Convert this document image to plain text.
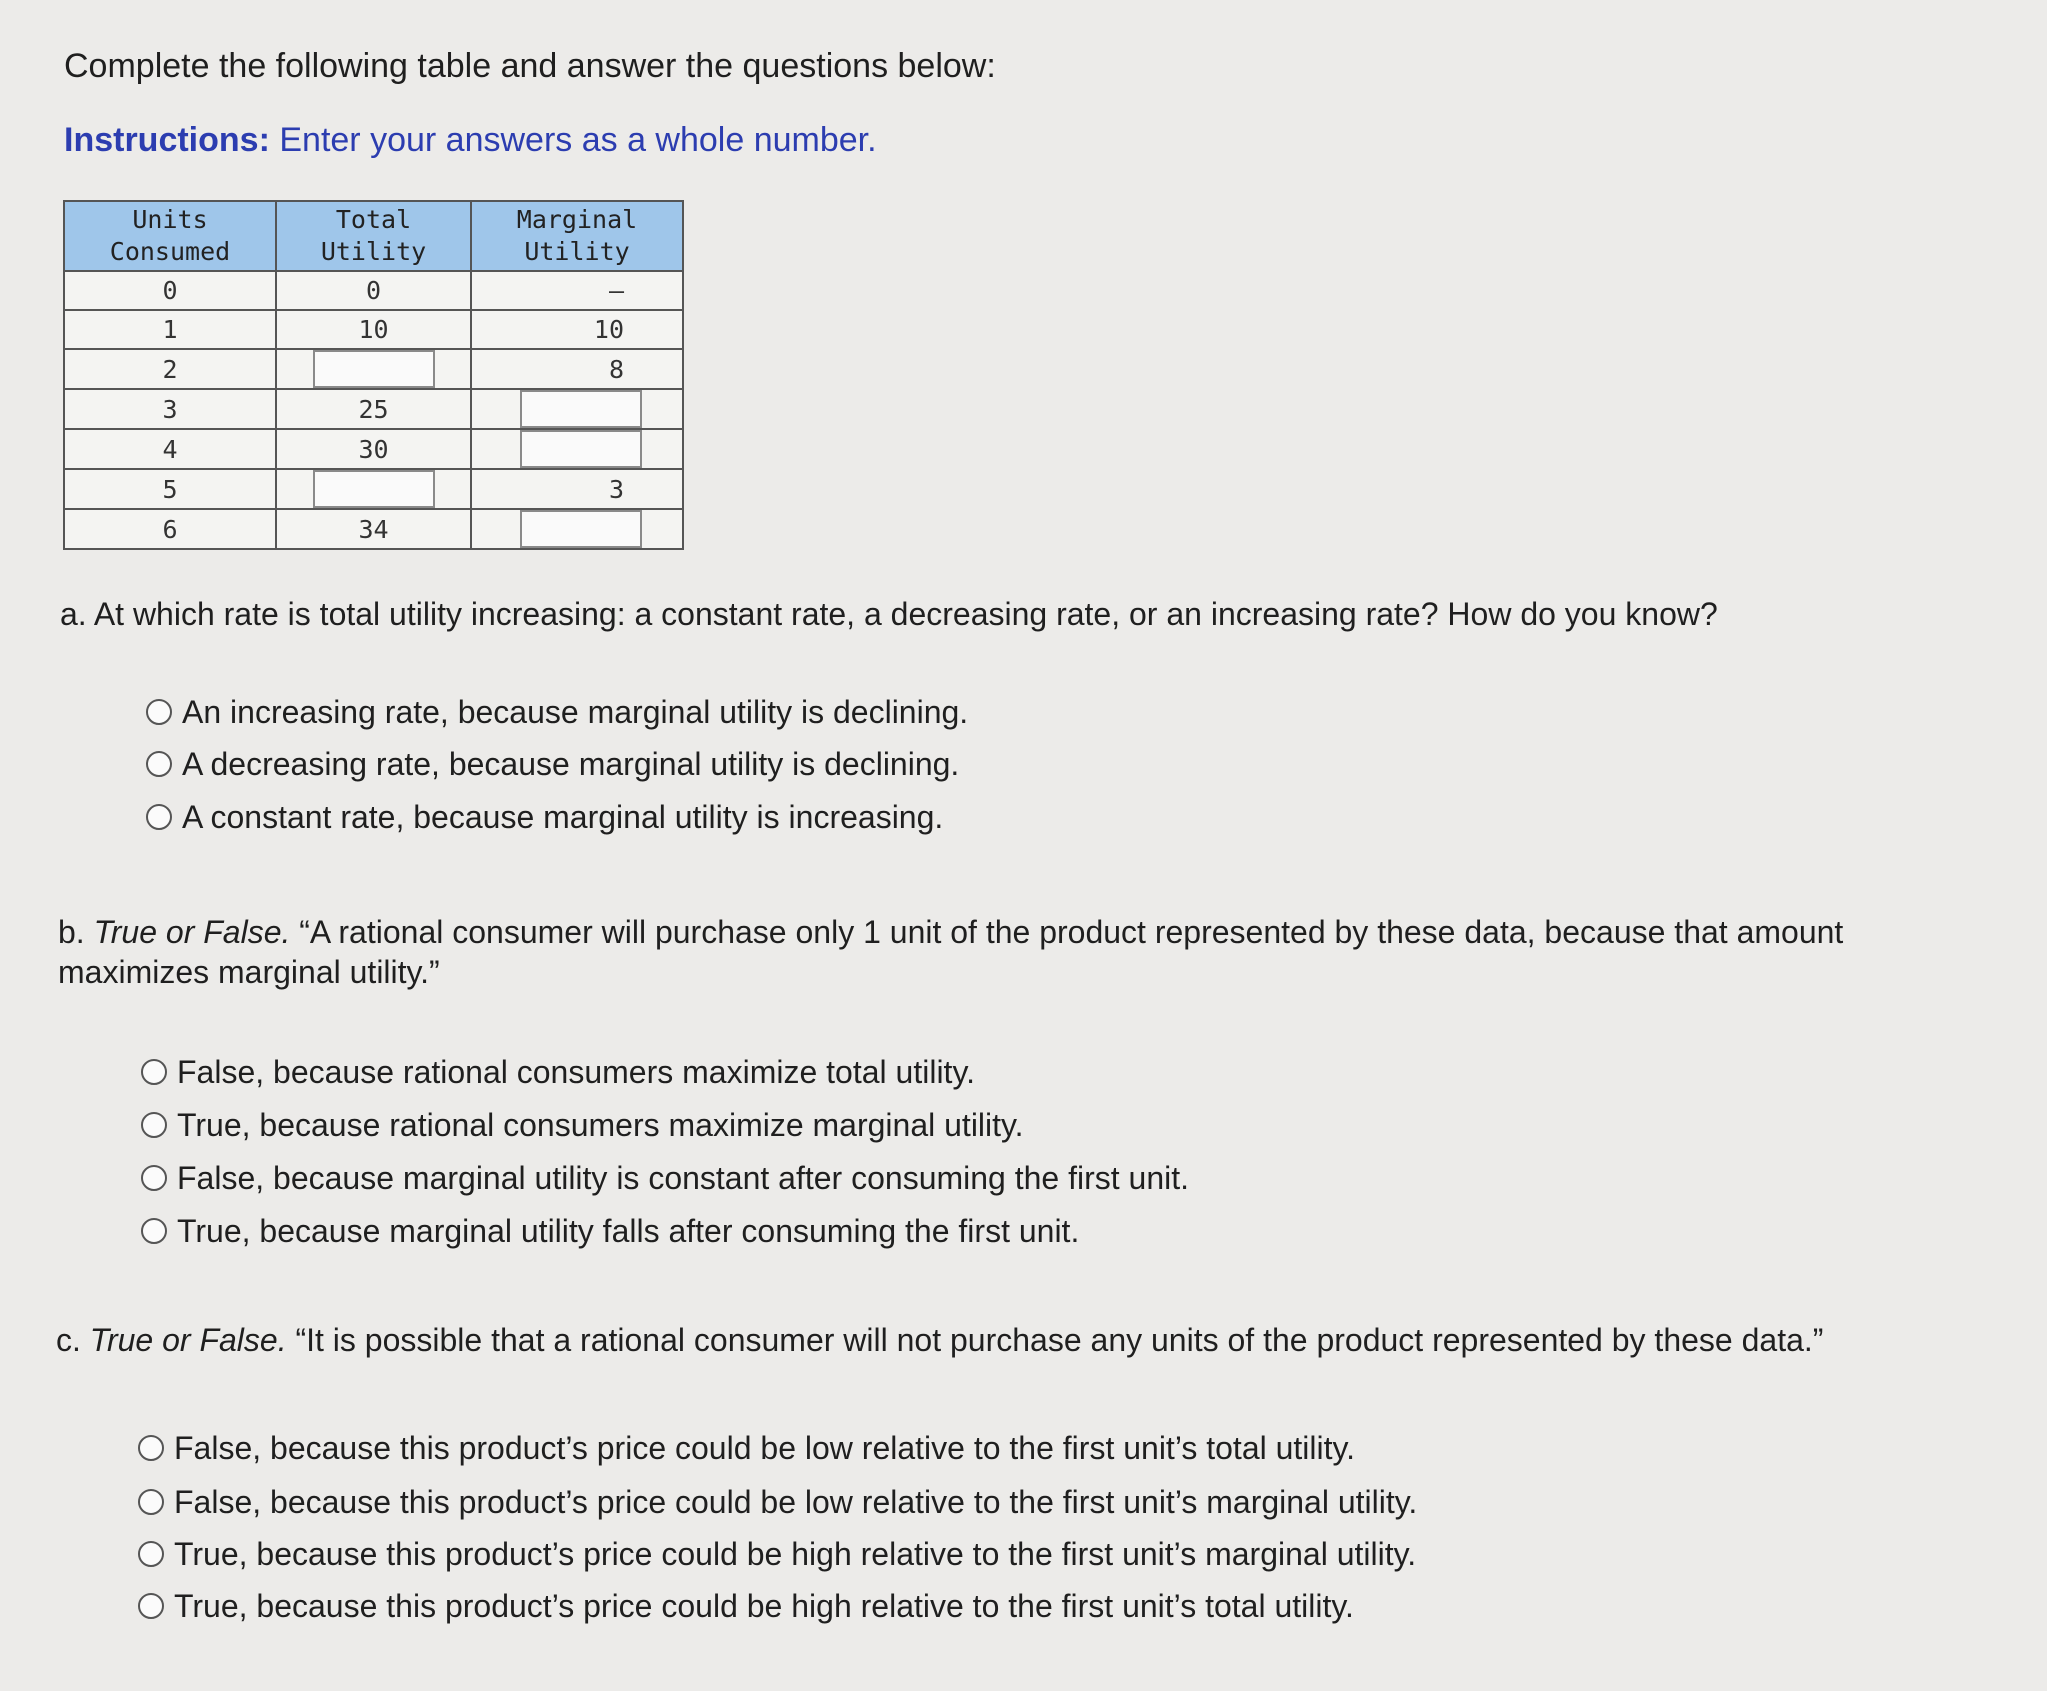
Complete the following table and answer the questions below:
Instructions: Enter your answers as a whole number.
Units Consumed	Total Utility	Marginal Utility
0	0	—
1	10	10
2		8
3	25	
4	30	
5		3
6	34	
a. At which rate is total utility increasing: a constant rate, a decreasing rate, or an increasing rate? How do you know?
An increasing rate, because marginal utility is declining.
A decreasing rate, because marginal utility is declining.
A constant rate, because marginal utility is increasing.
b. True or False. “A rational consumer will purchase only 1 unit of the product represented by these data, because that amount maximizes marginal utility.”
False, because rational consumers maximize total utility.
True, because rational consumers maximize marginal utility.
False, because marginal utility is constant after consuming the first unit.
True, because marginal utility falls after consuming the first unit.
c. True or False. “It is possible that a rational consumer will not purchase any units of the product represented by these data.”
False, because this product’s price could be low relative to the first unit’s total utility.
False, because this product’s price could be low relative to the first unit’s marginal utility.
True, because this product’s price could be high relative to the first unit’s marginal utility.
True, because this product’s price could be high relative to the first unit’s total utility.
